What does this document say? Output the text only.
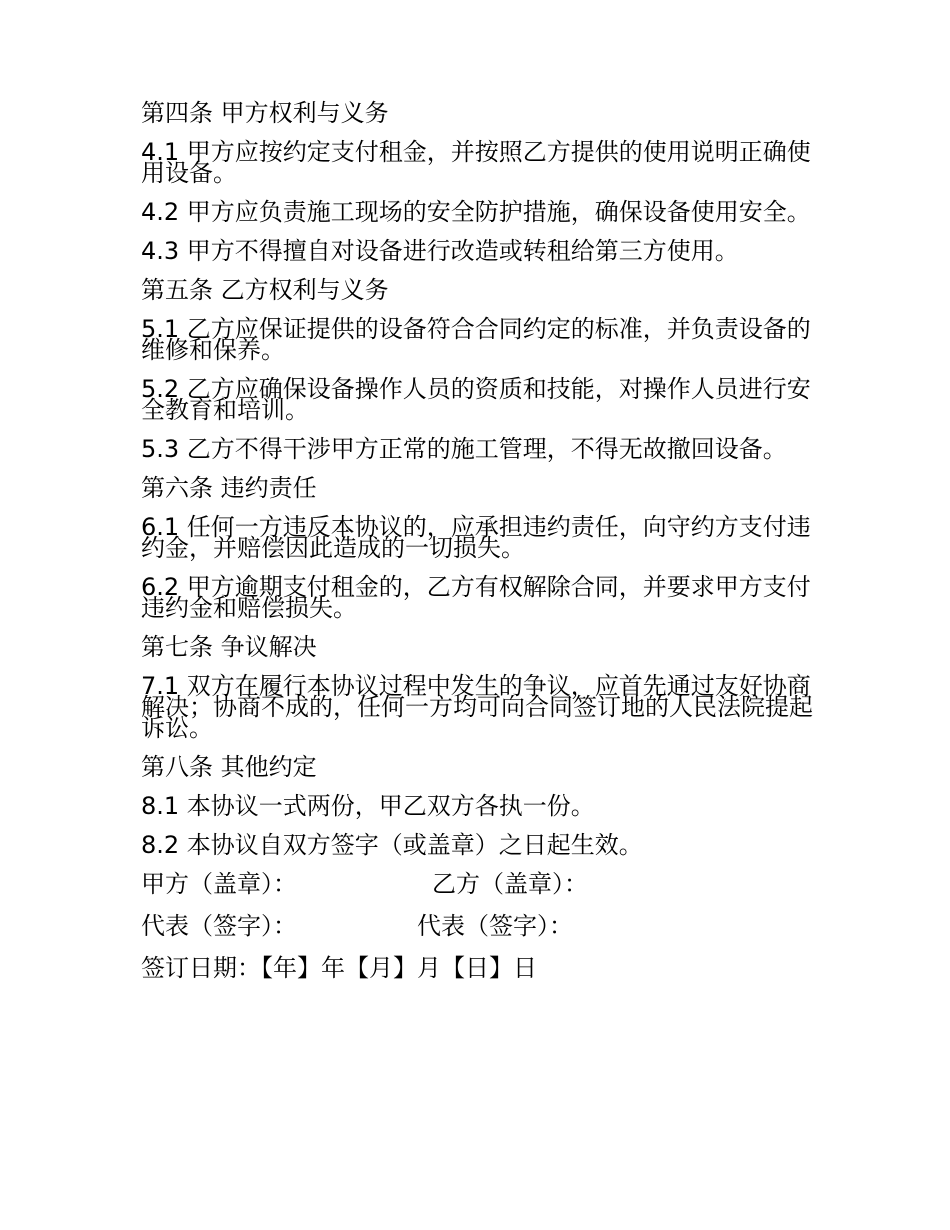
第四条 甲方权利与义务
4.1 甲方应按约定支付租金，并按照乙方提供的使用说明正确使用设备。
4.2 甲方应负责施工现场的安全防护措施，确保设备使用安全。
4.3 甲方不得擅自对设备进行改造或转租给第三方使用。
第五条 乙方权利与义务
5.1 乙方应保证提供的设备符合合同约定的标准，并负责设备的维修和保养。
5.2 乙方应确保设备操作人员的资质和技能，对操作人员进行安全教育和培训。
5.3 乙方不得干涉甲方正常的施工管理，不得无故撤回设备。
第六条 违约责任
6.1 任何一方违反本协议的，应承担违约责任，向守约方支付违约金，并赔偿因此造成的一切损失。
6.2 甲方逾期支付租金的，乙方有权解除合同，并要求甲方支付违约金和赔偿损失。
第七条 争议解决
7.1 双方在履行本协议过程中发生的争议，应首先通过友好协商解决；协商不成的，任何一方均可向合同签订地的人民法院提起诉讼。
第八条 其他约定
8.1 本协议一式两份，甲乙双方各执一份。
8.2 本协议自双方签字（或盖章）之日起生效。
甲方（盖章）：	乙方（盖章）：
代表（签字）：	代表（签字）：
签订日期：【年】年【月】月【日】日
